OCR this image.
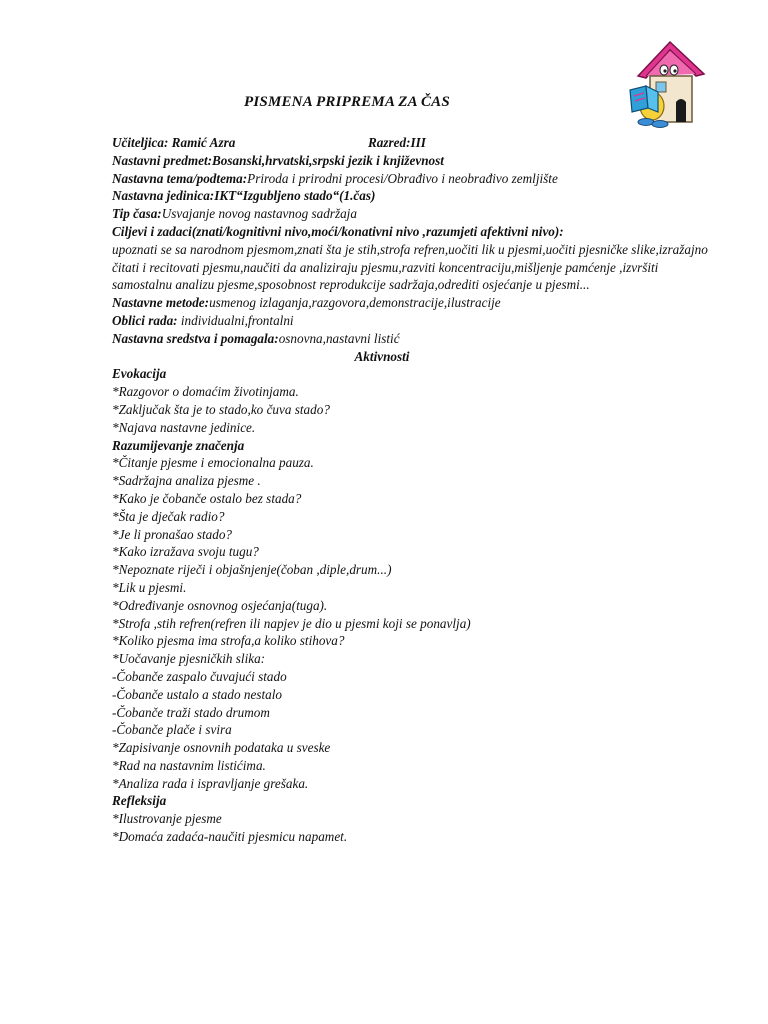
PISMENA PRIPREMA ZA ČAS
Učiteljica: Ramić Azra	Razred:III
Nastavni predmet:Bosanski,hrvatski,srpski jezik i književnost
Nastavna tema/podtema:Priroda i prirodni procesi/Obrađivo i neobrađivo zemljište
Nastavna jedinica:IKT“Izgubljeno stado“(1.čas)
Tip časa:Usvajanje novog nastavnog sadržaja
Ciljevi i zadaci(znati/kognitivni nivo,moći/konativni nivo ,razumjeti afektivni nivo):
upoznati se sa narodnom pjesmom,znati šta je stih,strofa refren,uočiti lik u pjesmi,uočiti pjesničke slike,izražajno čitati i recitovati pjesmu,naučiti da analiziraju pjesmu,razviti koncentraciju,mišljenje pamćenje ,izvršiti samostalnu analizu pjesme,sposobnost reprodukcije sadržaja,odrediti osjećanje u pjesmi...
Nastavne metode:usmenog izlaganja,razgovora,demonstracije,ilustracije
Oblici rada: individualni,frontalni
Nastavna sredstva i pomagala:osnovna,nastavni listić
Aktivnosti
Evokacija
*Razgovor o domaćim životinjama.
*Zaključak šta je to stado,ko čuva stado?
*Najava nastavne jedinice.
Razumijevanje značenja
*Čitanje pjesme i emocionalna pauza.
*Sadržajna analiza pjesme .
*Kako je čobanče ostalo bez stada?
*Šta je dječak radio?
*Je li pronašao stado?
*Kako izražava svoju tugu?
*Nepoznate riječi i objašnjenje(čoban ,diple,drum...)
*Lik u pjesmi.
*Određivanje osnovnog osjećanja(tuga).
*Strofa ,stih refren(refren ili napjev je dio u pjesmi koji se ponavlja)
*Koliko pjesma ima strofa,a koliko stihova?
*Uočavanje pjesničkih slika:
-Čobanče zaspalo čuvajući stado
-Čobanče ustalo a stado nestalo
-Čobanče traži stado drumom
-Čobanče plače i svira
*Zapisivanje osnovnih podataka u sveske
*Rad na nastavnim listićima.
*Analiza rada i ispravljanje grešaka.
Refleksija
*Ilustrovanje pjesme
*Domaća zadaća-naučiti pjesmicu napamet.
